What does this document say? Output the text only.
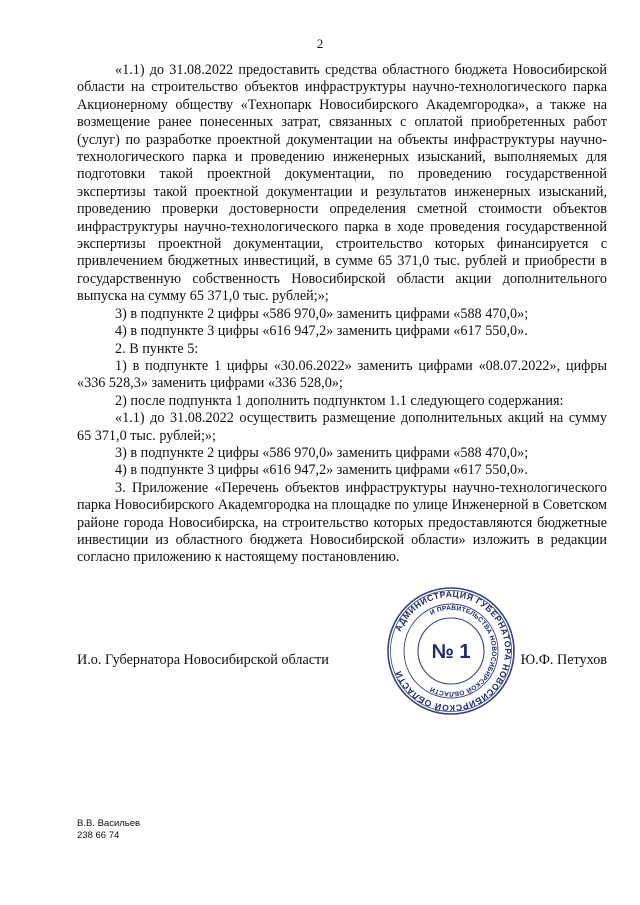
2

«1.1) до 31.08.2022 предоставить средства областного бюджета Новосибирской области на строительство объектов инфраструктуры научно-технологического парка Акционерному обществу «Технопарк Новосибирского Академгородка», а также на возмещение ранее понесенных затрат, связанных с оплатой приобретенных работ (услуг) по разработке проектной документации на объекты инфраструктуры научно-технологического парка и проведению инженерных изысканий, выполняемых для подготовки такой проектной документации, по проведению государственной экспертизы такой проектной документации и результатов инженерных изысканий, проведению проверки достоверности определения сметной стоимости объектов инфраструктуры научно-технологического парка в ходе проведения государственной экспертизы проектной документации, строительство которых финансируется с привлечением бюджетных инвестиций, в сумме 65 371,0 тыс. рублей и приобрести в государственную собственность Новосибирской области акции дополнительного выпуска на сумму 65 371,0 тыс. рублей;»;

3) в подпункте 2 цифры «586 970,0» заменить цифрами «588 470,0»;

4) в подпункте 3 цифры «616 947,2» заменить цифрами «617 550,0».

2. В пункте 5:

1) в подпункте 1 цифры «30.06.2022» заменить цифрами «08.07.2022», цифры «336 528,3» заменить цифрами «336 528,0»;

2) после подпункта 1 дополнить подпунктом 1.1 следующего содержания:

«1.1) до 31.08.2022 осуществить размещение дополнительных акций на сумму 65 371,0 тыс. рублей;»;

3) в подпункте 2 цифры «586 970,0» заменить цифрами «588 470,0»;

4) в подпункте 3 цифры «616 947,2» заменить цифрами «617 550,0».

3. Приложение «Перечень объектов инфраструктуры научно-технологического парка Новосибирского Академгородка на площадке по улице Инженерной в Советском районе города Новосибирска, на строительство которых предоставляются бюджетные инвестиции из областного бюджета Новосибирской области» изложить в редакции согласно приложению к настоящему постановлению.

И.о. Губернатора Новосибирской области	Ю.Ф. Петухов
АДМИНИСТРАЦИЯ ГУБЕРНАТОРА НОВОСИБИРСКОЙ ОБЛАСТИ
И ПРАВИТЕЛЬСТВА НОВОСИБИРСКОЙ ОБЛАСТИ
№ 1
В.В. Васильев
238 66 74
